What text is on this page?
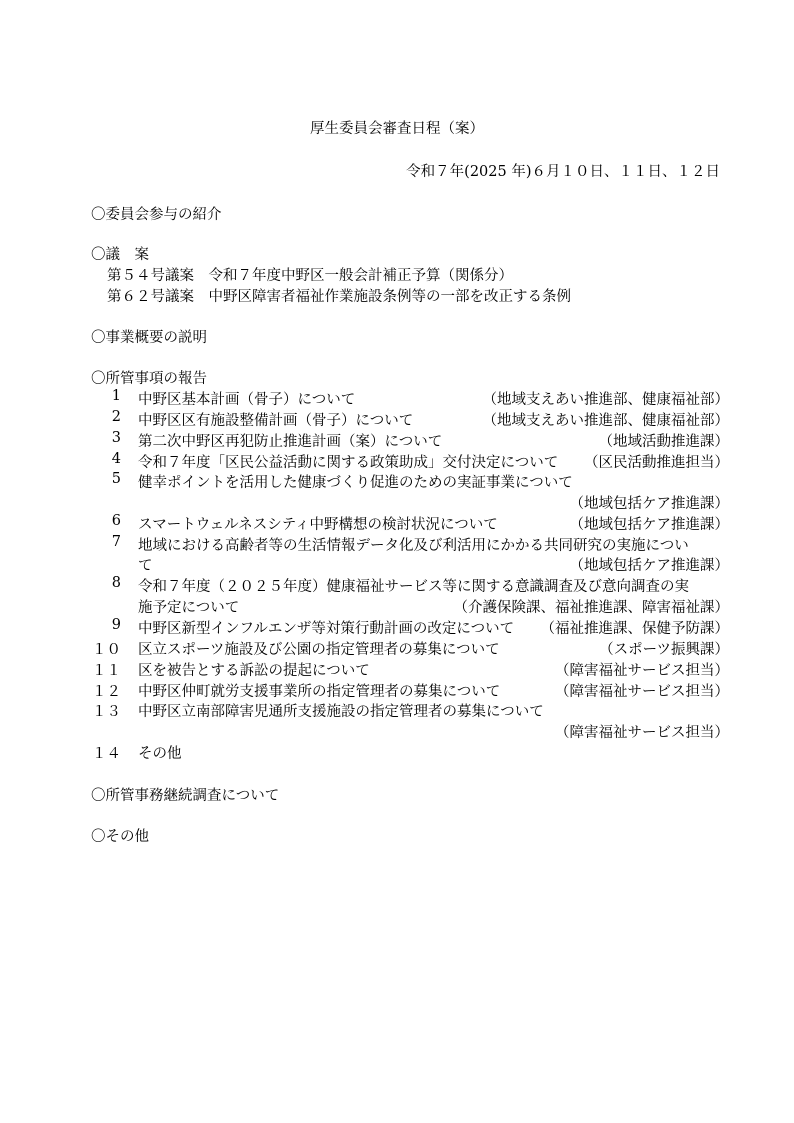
厚生委員会審査日程（案）
令和７年(2025 年)６月１０日、１１日、１２日
〇委員会参与の紹介
〇議　案
第５４号議案　令和７年度中野区一般会計補正予算（関係分）
第６２号議案　中野区障害者福祉作業施設条例等の一部を改正する条例
〇事業概要の説明
〇所管事項の報告
1 中野区基本計画（骨子）について	（地域支えあい推進部、健康福祉部）
2 中野区区有施設整備計画（骨子）について	（地域支えあい推進部、健康福祉部）
3 第二次中野区再犯防止推進計画（案）について	（地域活動推進課）
4 令和７年度「区民公益活動に関する政策助成」交付決定について （区民活動推進担当）
5 健幸ポイントを活用した健康づくり促進のための実証事業について
（地域包括ケア推進課）
6 スマートウェルネスシティ中野構想の検討状況について	（地域包括ケア推進課）
7 地域における高齢者等の生活情報データ化及び利活用にかかる共同研究の実施につい
て	（地域包括ケア推進課）
8 令和７年度（２０２５年度）健康福祉サービス等に関する意識調査及び意向調査の実
施予定について	（介護保険課、福祉推進課、障害福祉課）
9 中野区新型インフルエンザ等対策行動計画の改定について （福祉推進課、保健予防課）
１０ 区立スポーツ施設及び公園の指定管理者の募集について	（スポーツ振興課）
１１ 区を被告とする訴訟の提起について	（障害福祉サービス担当）
１２ 中野区仲町就労支援事業所の指定管理者の募集について	（障害福祉サービス担当）
１３ 中野区立南部障害児通所支援施設の指定管理者の募集について
（障害福祉サービス担当）
１４ その他
〇所管事務継続調査について
〇その他
